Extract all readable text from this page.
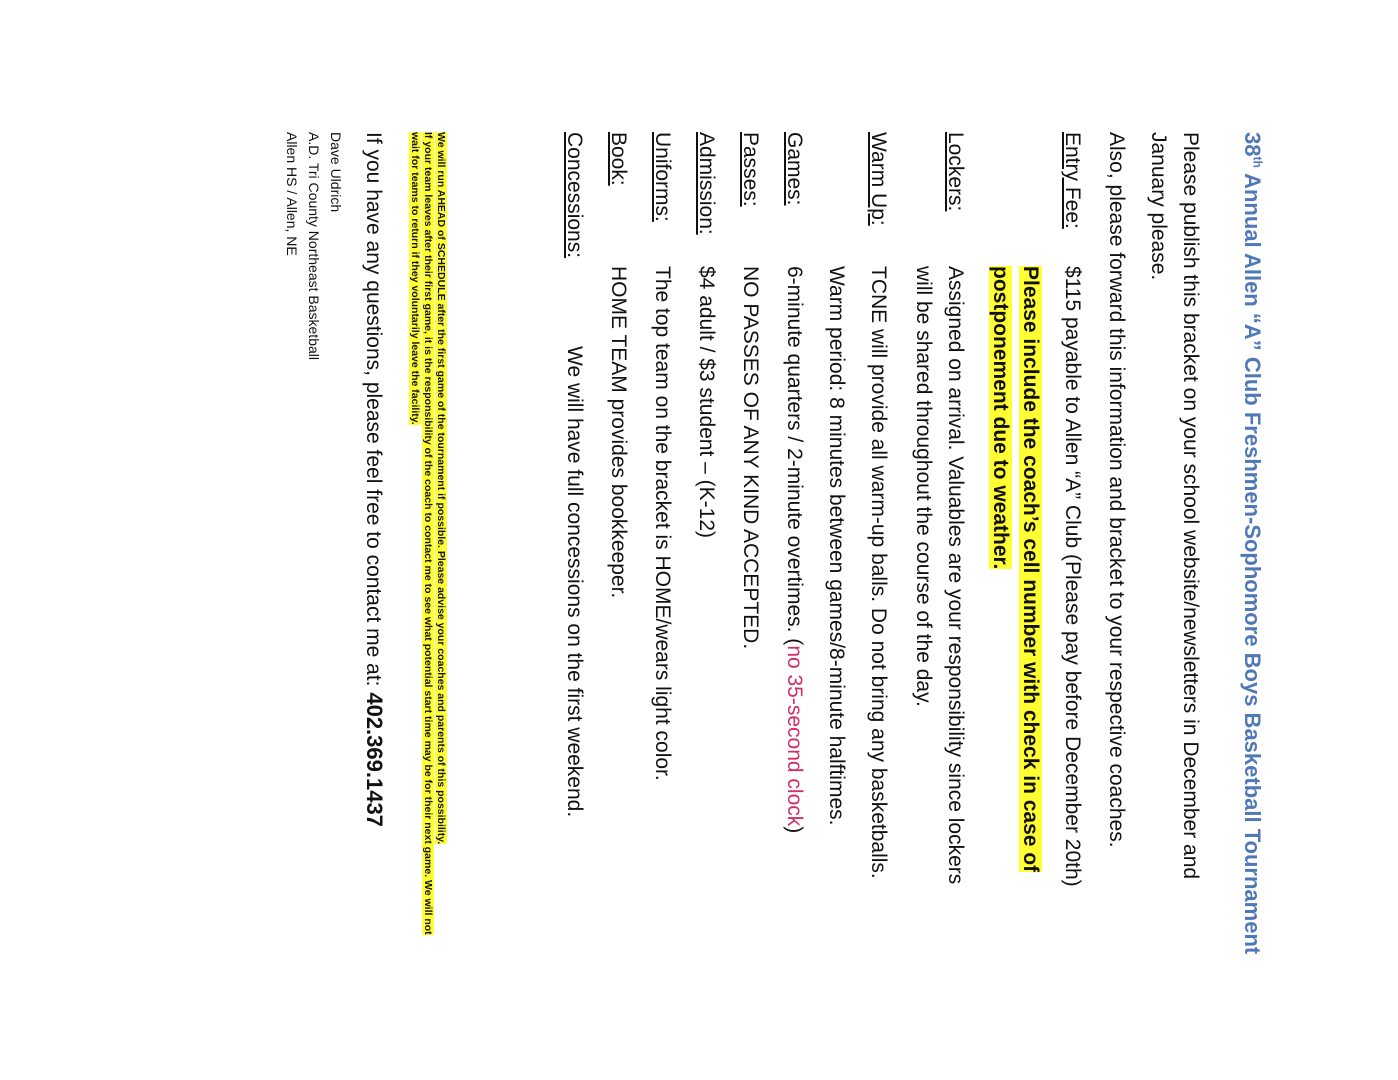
38th Annual Allen “A” Club Freshmen-Sophomore Boys Basketball Tournament
Please publish this bracket on your school website/newsletters in December and
January please.
Also, please forward this information and bracket to your respective coaches.
Entry Fee:
$115 payable to Allen “A” Club (Please pay before December 20th)
Please include the coach’s cell number with check in case of
postponement due to weather.
Lockers:
Assigned on arrival. Valuables are your responsibility since lockers
will be shared throughout the course of the day.
Warm Up:
TCNE will provide all warm-up balls. Do not bring any basketballs.
Warm period: 8 minutes between games/8-minute halftimes.
Games:
6-minute quarters / 2-minute overtimes. (no 35-second clock)
Passes:
NO PASSES OF ANY KIND ACCEPTED.
Admission:
$4 adult / $3 student – (K-12)
Uniforms:
The top team on the bracket is HOME/wears light color.
Book:
HOME TEAM provides bookkeeper.
Concessions:
We will have full concessions on the first weekend.
We will run AHEAD of SCHEDULE after the first game of the tournament if possible. Please advise your coaches and parents of this possibility.
If your team leaves after their first game, it is the responsibility of the coach to contact me to see what potential start time may be for their next game. We will not wait for teams to return if they voluntarily leave the facility.
If you have any questions, please feel free to contact me at: 402.369.1437
Dave Uldrich
A.D. Tri County Northeast Basketball
Allen HS / Allen, NE
